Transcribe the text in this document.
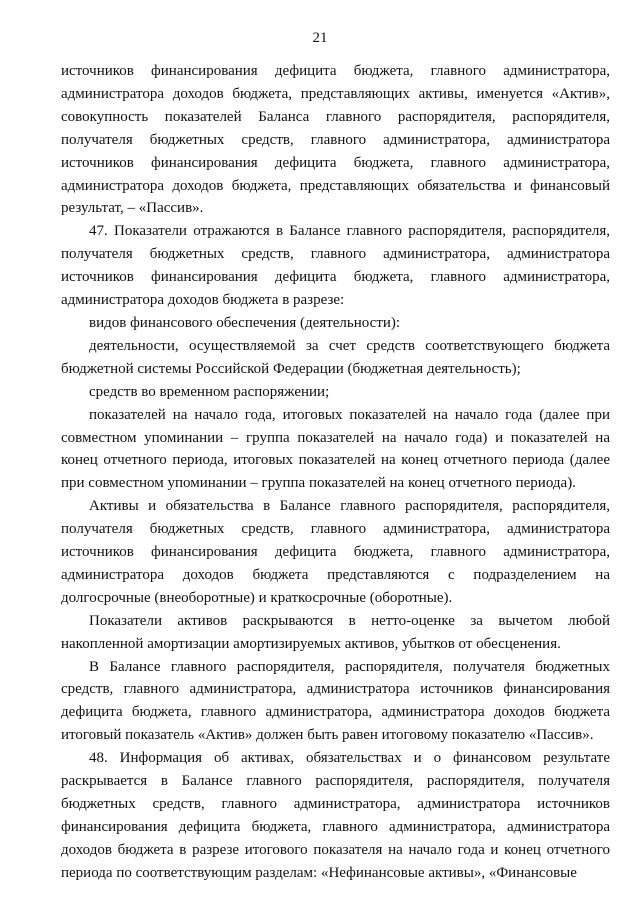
21

источников финансирования дефицита бюджета, главного администратора, администратора доходов бюджета, представляющих активы, именуется «Актив», совокупность показателей Баланса главного распорядителя, распорядителя, получателя бюджетных средств, главного администратора, администратора источников финансирования дефицита бюджета, главного администратора, администратора доходов бюджета, представляющих обязательства и финансовый результат, – «Пассив».

47. Показатели отражаются в Балансе главного распорядителя, распорядителя, получателя бюджетных средств, главного администратора, администратора источников финансирования дефицита бюджета, главного администратора, администратора доходов бюджета в разрезе:

видов финансового обеспечения (деятельности):

деятельности, осуществляемой за счет средств соответствующего бюджета бюджетной системы Российской Федерации (бюджетная деятельность);

средств во временном распоряжении;

показателей на начало года, итоговых показателей на начало года (далее при совместном упоминании – группа показателей на начало года) и показателей на конец отчетного периода, итоговых показателей на конец отчетного периода (далее при совместном упоминании – группа показателей на конец отчетного периода).

Активы и обязательства в Балансе главного распорядителя, распорядителя, получателя бюджетных средств, главного администратора, администратора источников финансирования дефицита бюджета, главного администратора, администратора доходов бюджета представляются с подразделением на долгосрочные (внеоборотные) и краткосрочные (оборотные).

Показатели активов раскрываются в нетто-оценке за вычетом любой накопленной амортизации амортизируемых активов, убытков от обесценения.

В Балансе главного распорядителя, распорядителя, получателя бюджетных средств, главного администратора, администратора источников финансирования дефицита бюджета, главного администратора, администратора доходов бюджета итоговый показатель «Актив» должен быть равен итоговому показателю «Пассив».

48. Информация об активах, обязательствах и о финансовом результате раскрывается в Балансе главного распорядителя, распорядителя, получателя бюджетных средств, главного администратора, администратора источников финансирования дефицита бюджета, главного администратора, администратора доходов бюджета в разрезе итогового показателя на начало года и конец отчетного периода по соответствующим разделам: «Нефинансовые активы», «Финансовые
